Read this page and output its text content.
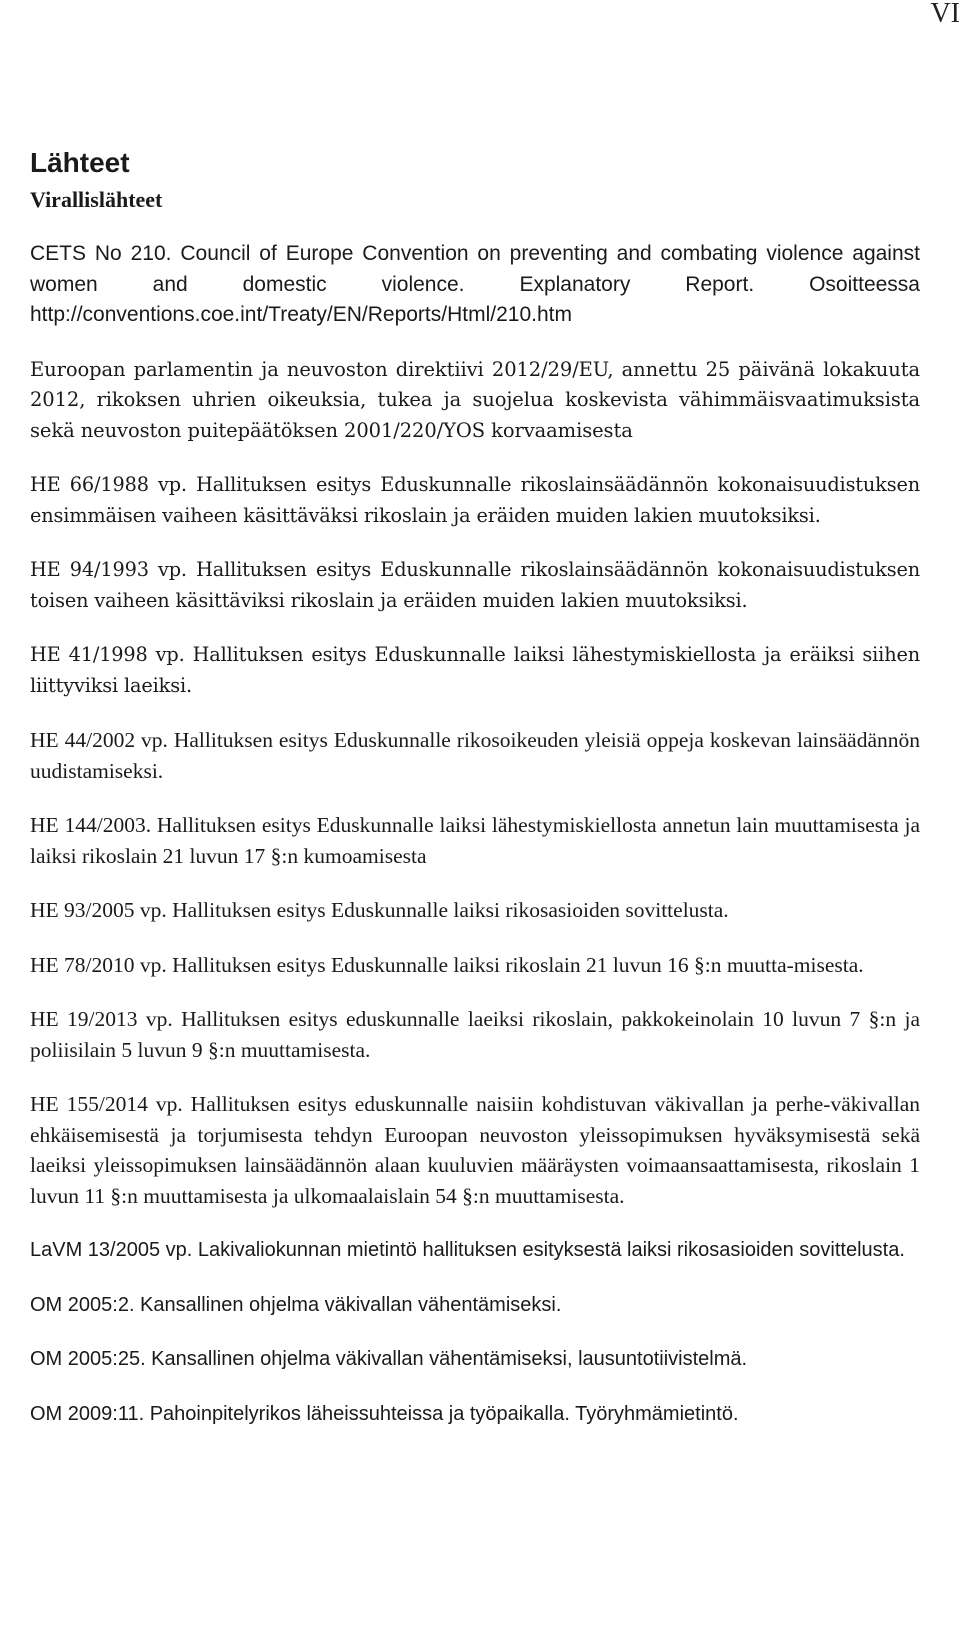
VI
Lähteet
Virallislähteet

CETS No 210. Council of Europe Convention on preventing and combating violence against women and domestic violence. Explanatory Report. Osoitteessa http://conventions.coe.int/Treaty/EN/Reports/Html/210.htm

Euroopan parlamentin ja neuvoston direktiivi 2012/29/EU, annettu 25 päivänä lokakuuta 2012, rikoksen uhrien oikeuksia, tukea ja suojelua koskevista vähimmäisvaatimuksista sekä neuvoston puitepäätöksen 2001/220/YOS korvaamisesta

HE 66/1988 vp. Hallituksen esitys Eduskunnalle rikoslainsäädännön kokonaisuudistuksen ensimmäisen vaiheen käsittäväksi rikoslain ja eräiden muiden lakien muutoksiksi.

HE 94/1993 vp. Hallituksen esitys Eduskunnalle rikoslainsäädännön kokonaisuudistuksen toisen vaiheen käsittäviksi rikoslain ja eräiden muiden lakien muutoksiksi.

HE 41/1998 vp. Hallituksen esitys Eduskunnalle laiksi lähestymiskiellosta ja eräiksi siihen liittyviksi laeiksi.

HE 44/2002 vp. Hallituksen esitys Eduskunnalle rikosoikeuden yleisiä oppeja koskevan lainsäädännön uudistamiseksi.

HE 144/2003. Hallituksen esitys Eduskunnalle laiksi lähestymiskiellosta annetun lain muuttamisesta ja laiksi rikoslain 21 luvun 17 §:n kumoamisesta

HE 93/2005 vp. Hallituksen esitys Eduskunnalle laiksi rikosasioiden sovittelusta.

HE 78/2010 vp. Hallituksen esitys Eduskunnalle laiksi rikoslain 21 luvun 16 §:n muutta-misesta.

HE 19/2013 vp. Hallituksen esitys eduskunnalle laeiksi rikoslain, pakkokeinolain 10 luvun 7 §:n ja poliisilain 5 luvun 9 §:n muuttamisesta.

HE 155/2014 vp. Hallituksen esitys eduskunnalle naisiin kohdistuvan väkivallan ja perhe-väkivallan ehkäisemisestä ja torjumisesta tehdyn Euroopan neuvoston yleissopimuksen hyväksymisestä sekä laeiksi yleissopimuksen lainsäädännön alaan kuuluvien määräysten voimaansaattamisesta, rikoslain 1 luvun 11 §:n muuttamisesta ja ulkomaalaislain 54 §:n muuttamisesta.

LaVM 13/2005 vp. Lakivaliokunnan mietintö hallituksen esityksestä laiksi rikosasioiden sovittelusta.

OM 2005:2. Kansallinen ohjelma väkivallan vähentämiseksi.

OM 2005:25. Kansallinen ohjelma väkivallan vähentämiseksi, lausuntotiivistelmä.

OM 2009:11. Pahoinpitelyrikos läheissuhteissa ja työpaikalla. Työryhmämietintö.
